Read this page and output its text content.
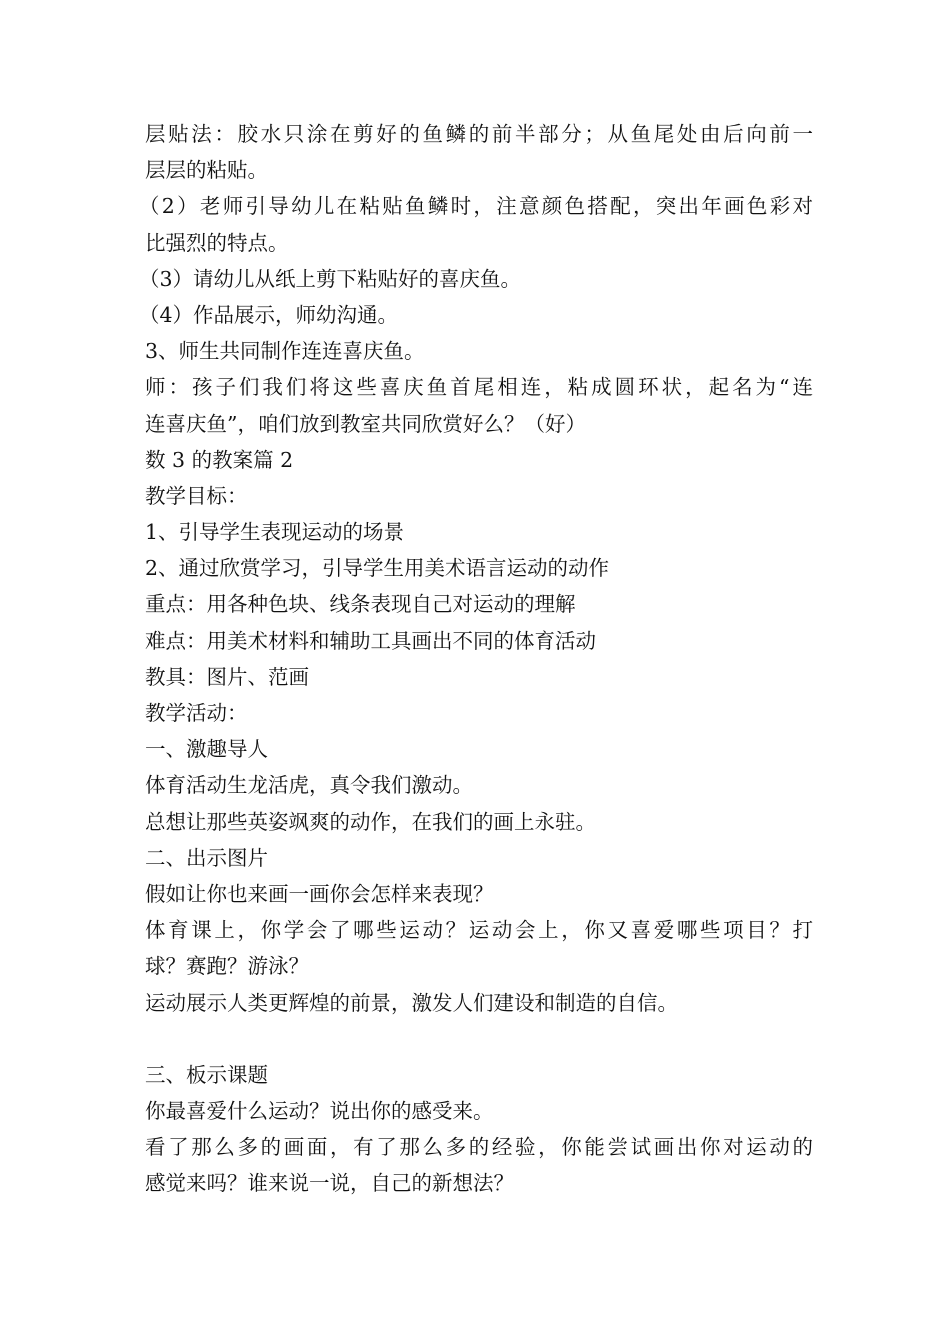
层贴法：胶水只涂在剪好的鱼鳞的前半部分；从鱼尾处由后向前一
层层的粘贴。
（2）老师引导幼儿在粘贴鱼鳞时，注意颜色搭配，突出年画色彩对
比强烈的特点。
（3）请幼儿从纸上剪下粘贴好的喜庆鱼。
（4）作品展示，师幼沟通。
3、师生共同制作连连喜庆鱼。
师：孩子们我们将这些喜庆鱼首尾相连，粘成圆环状，起名为“连
连喜庆鱼”，咱们放到教室共同欣赏好么？（好）
数 3 的教案篇 2
教学目标：
1、引导学生表现运动的场景
2、通过欣赏学习，引导学生用美术语言运动的动作
重点：用各种色块、线条表现自己对运动的理解
难点：用美术材料和辅助工具画出不同的体育活动
教具：图片、范画
教学活动：
一、激趣导人
体育活动生龙活虎，真令我们激动。
总想让那些英姿飒爽的动作，在我们的画上永驻。
二、出示图片
假如让你也来画一画你会怎样来表现？
体育课上，你学会了哪些运动？运动会上，你又喜爱哪些项目？打
球？赛跑？游泳？
运动展示人类更辉煌的前景，激发人们建设和制造的自信。
三、板示课题
你最喜爱什么运动？说出你的感受来。
看了那么多的画面，有了那么多的经验，你能尝试画出你对运动的
感觉来吗？谁来说一说，自己的新想法？
